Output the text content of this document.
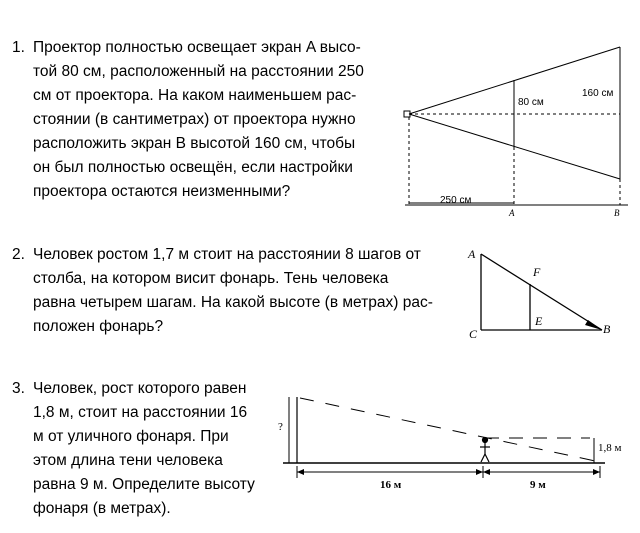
1. Проектор полностью освещает экран A высо-
той 80 см, расположенный на расстоянии 250
см от проектора. На каком наименьшем рас-
стоянии (в сантиметрах) от проектора нужно
расположить экран B высотой 160 см, чтобы
он был полностью освещён, если настройки
проектора остаются неизменными?
2. Человек ростом 1,7 м стоит на расстоянии 8 шагов от
столба, на котором висит фонарь. Тень человека
равна четырем шагам. На какой высоте (в метрах) рас-
положен фонарь?
3. Человек, рост которого равен
1,8 м, стоит на расстоянии 16
м от уличного фонаря. При
этом длина тени человека
равна 9 м. Определите высоту
фонаря (в метрах).
80 см
160 см
250 см
A	B
A
F
E
C	B
?
1,8 м
16 м	9 м
